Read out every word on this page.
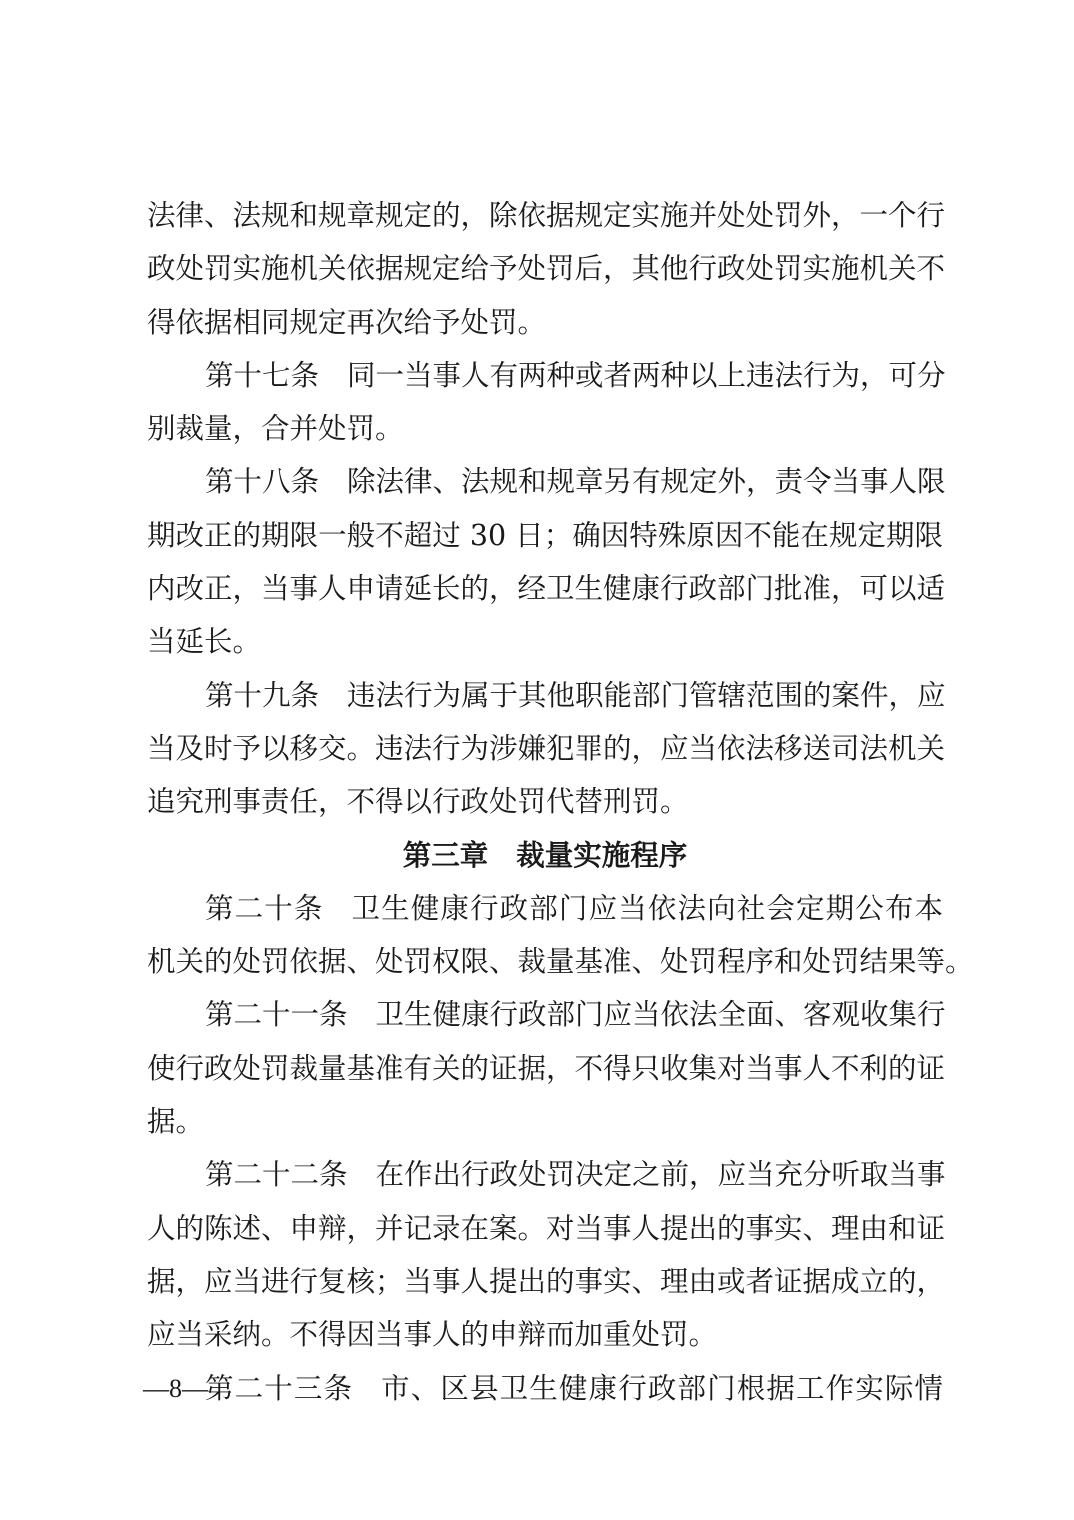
法律、法规和规章规定的，除依据规定实施并处处罚外，一个行
政处罚实施机关依据规定给予处罚后，其他行政处罚实施机关不
得依据相同规定再次给予处罚。
第十七条 同一当事人有两种或者两种以上违法行为，可分
别裁量，合并处罚。
第十八条 除法律、法规和规章另有规定外，责令当事人限
期改正的期限一般不超过 30 日；确因特殊原因不能在规定期限
内改正，当事人申请延长的，经卫生健康行政部门批准，可以适
当延长。
第十九条 违法行为属于其他职能部门管辖范围的案件，应
当及时予以移交。违法行为涉嫌犯罪的，应当依法移送司法机关
追究刑事责任，不得以行政处罚代替刑罚。
第三章 裁量实施程序
第二十条 卫生健康行政部门应当依法向社会定期公布本
机关的处罚依据、处罚权限、裁量基准、处罚程序和处罚结果等。
第二十一条 卫生健康行政部门应当依法全面、客观收集行
使行政处罚裁量基准有关的证据，不得只收集对当事人不利的证
据。
第二十二条 在作出行政处罚决定之前，应当充分听取当事
人的陈述、申辩，并记录在案。对当事人提出的事实、理由和证
据，应当进行复核；当事人提出的事实、理由或者证据成立的，
应当采纳。不得因当事人的申辩而加重处罚。
第二十三条 市、区县卫生健康行政部门根据工作实际情
—8—
